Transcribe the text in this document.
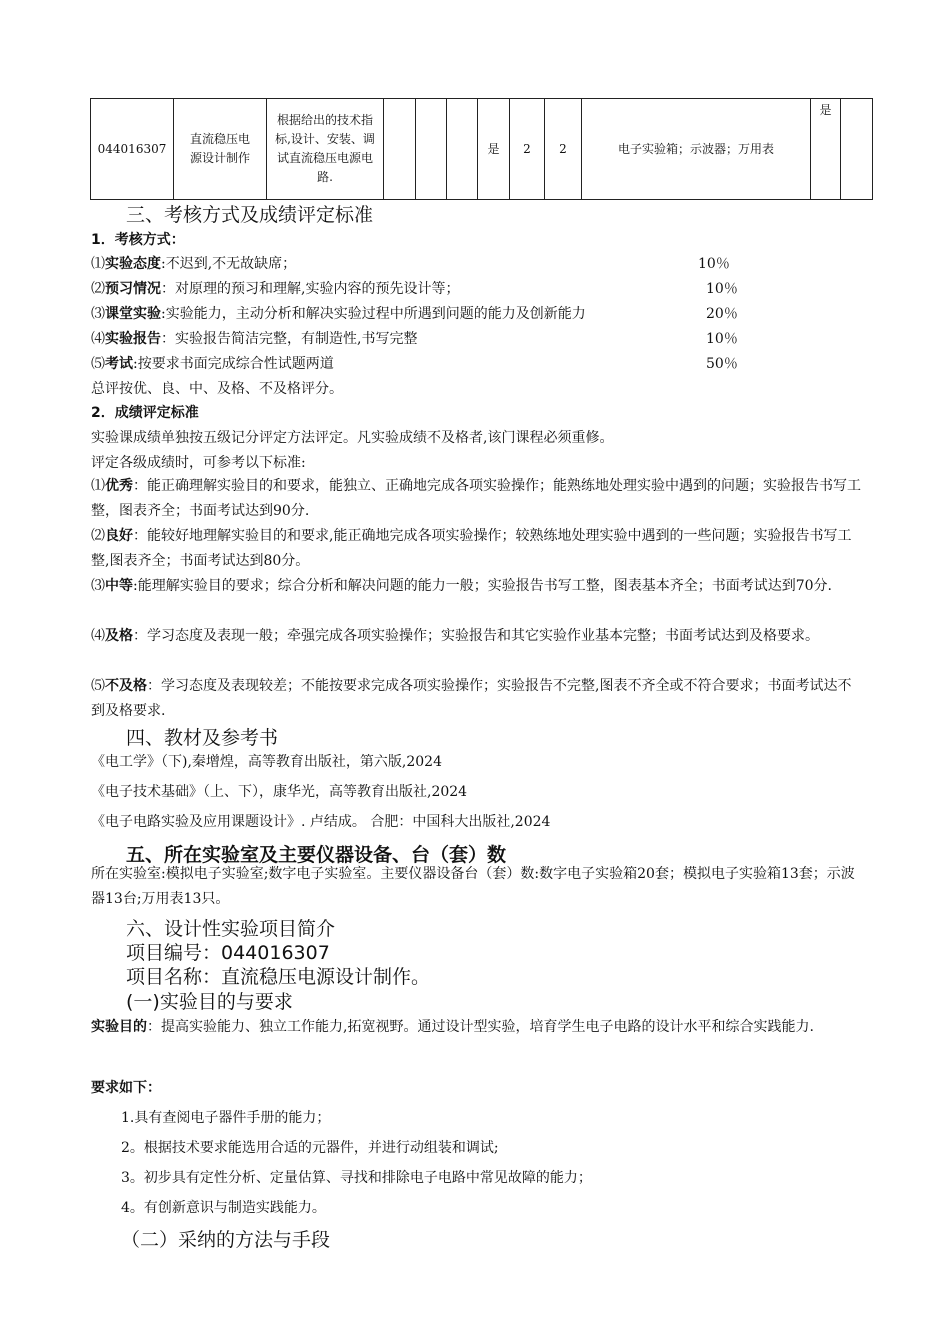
044016307	直流稳压电源设计制作	根据给出的技术指标,设计、安装、调试直流稳压电源电路.				是	2	2	电子实验箱；示波器；万用表	是	
三、考核方式及成绩评定标准
1．考核方式：
⑴实验态度:不迟到,不无故缺席；	10％
⑵预习情况：对原理的预习和理解,实验内容的预先设计等；	10％
⑶课堂实验:实验能力，主动分析和解决实验过程中所遇到问题的能力及创新能力	20％
⑷实验报告：实验报告简洁完整，有制造性,书写完整	10％
⑸考试:按要求书面完成综合性试题两道	50％
总评按优、良、中、及格、不及格评分。
2．成绩评定标准
实验课成绩单独按五级记分评定方法评定。凡实验成绩不及格者,该门课程必须重修。
评定各级成绩时，可参考以下标准:
⑴优秀：能正确理解实验目的和要求，能独立、正确地完成各项实验操作；能熟练地处理实验中遇到的问题；实验报告书写工整，图表齐全；书面考试达到90分.
⑵良好：能较好地理解实验目的和要求,能正确地完成各项实验操作；较熟练地处理实验中遇到的一些问题；实验报告书写工整,图表齐全；书面考试达到80分。
⑶中等:能理解实验目的要求；综合分析和解决问题的能力一般；实验报告书写工整，图表基本齐全；书面考试达到70分.
⑷及格：学习态度及表现一般；牵强完成各项实验操作；实验报告和其它实验作业基本完整；书面考试达到及格要求。
⑸不及格：学习态度及表现较差；不能按要求完成各项实验操作；实验报告不完整,图表不齐全或不符合要求；书面考试达不到及格要求.
四、教材及参考书
《电工学》（下),秦增煌，高等教育出版社，第六版,2024
《电子技术基础》（上、下），康华光，高等教育出版社,2024
《电子电路实验及应用课题设计》. 卢结成。 合肥：中国科大出版社,2024
五、所在实验室及主要仪器设备、台（套）数
所在实验室:模拟电子实验室;数字电子实验室。主要仪器设备台（套）数:数字电子实验箱20套；模拟电子实验箱13套；示波器13台;万用表13只。
六、设计性实验项目简介
项目编号：044016307
项目名称：直流稳压电源设计制作。
(一)实验目的与要求
实验目的：提高实验能力、独立工作能力,拓宽视野。通过设计型实验，培育学生电子电路的设计水平和综合实践能力.
要求如下：
1.具有查阅电子器件手册的能力；
2。根据技术要求能选用合适的元器件，并进行动组装和调试;
3。初步具有定性分析、定量估算、寻找和排除电子电路中常见故障的能力；
4。有创新意识与制造实践能力。
（二）采纳的方法与手段
